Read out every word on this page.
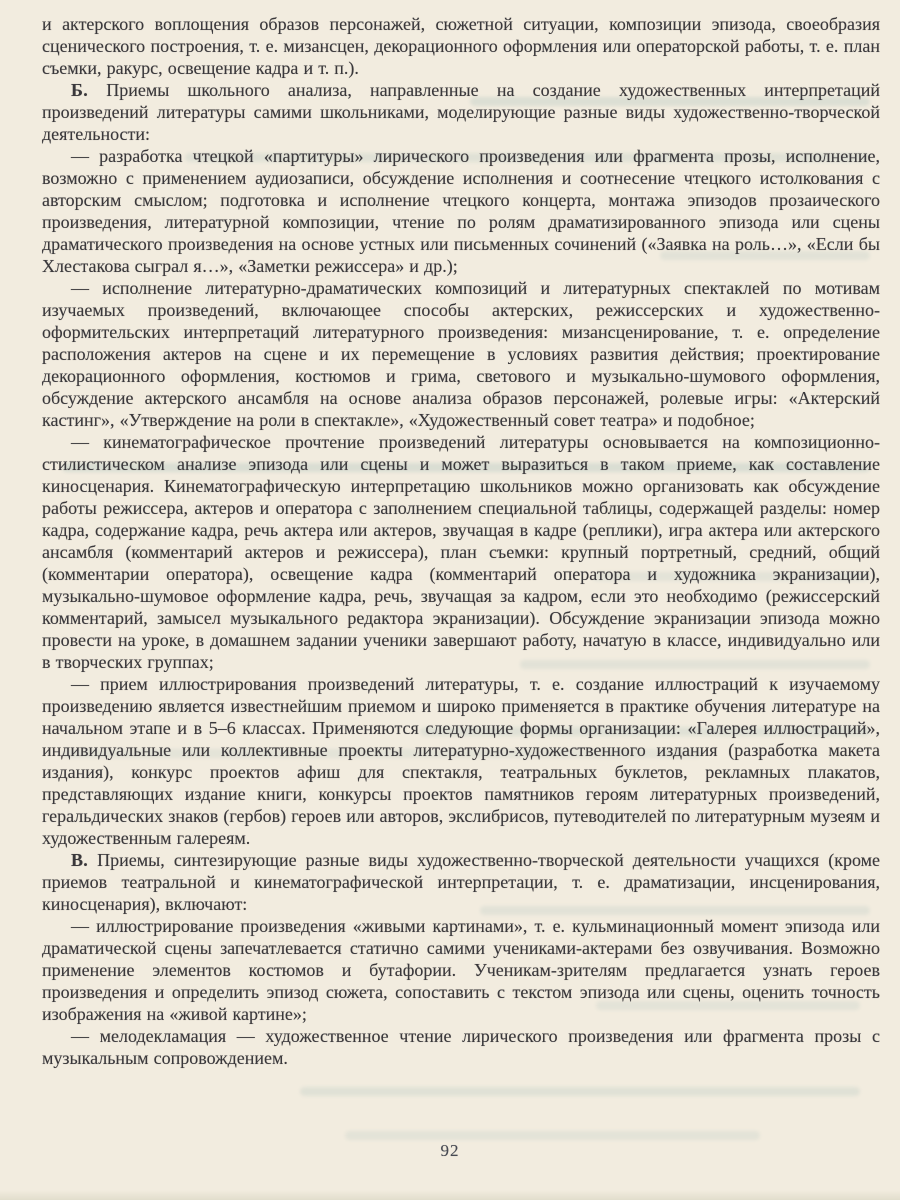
и актерского воплощения образов персонажей, сюжетной ситуации, композиции эпизода, своеобразия сценического построения, т. е. мизансцен, декорационного оформления или операторской работы, т. е. план съемки, ракурс, освещение кадра и т. п.).

Б. Приемы школьного анализа, направленные на создание художественных интерпретаций произведений литературы самими школьниками, моделирующие разные виды художественно-творческой деятельности:

— разработка чтецкой «партитуры» лирического произведения или фрагмента прозы, исполнение, возможно с применением аудиозаписи, обсуждение исполнения и соотнесение чтецкого истолкования с авторским смыслом; подготовка и исполнение чтецкого концерта, монтажа эпизодов прозаического произведения, литературной композиции, чтение по ролям драматизированного эпизода или сцены драматического произведения на основе устных или письменных сочинений («Заявка на роль…», «Если бы Хлестакова сыграл я…», «Заметки режиссера» и др.);

— исполнение литературно-драматических композиций и литературных спектаклей по мотивам изучаемых произведений, включающее способы актерских, режиссерских и художественно-оформительских интерпретаций литературного произведения: мизансценирование, т. е. определение расположения актеров на сцене и их перемещение в условиях развития действия; проектирование декорационного оформления, костюмов и грима, светового и музыкально-шумового оформления, обсуждение актерского ансамбля на основе анализа образов персонажей, ролевые игры: «Актерский кастинг», «Утверждение на роли в спектакле», «Художественный совет театра» и подобное;

— кинематографическое прочтение произведений литературы основывается на композиционно-стилистическом анализе эпизода или сцены и может выразиться в таком приеме, как составление киносценария. Кинематографическую интерпретацию школьников можно организовать как обсуждение работы режиссера, актеров и оператора с заполнением специальной таблицы, содержащей разделы: номер кадра, содержание кадра, речь актера или актеров, звучащая в кадре (реплики), игра актера или актерского ансамбля (комментарий актеров и режиссера), план съемки: крупный портретный, средний, общий (комментарии оператора), освещение кадра (комментарий оператора и художника экранизации), музыкально-шумовое оформление кадра, речь, звучащая за кадром, если это необходимо (режиссерский комментарий, замысел музыкального редактора экранизации). Обсуждение экранизации эпизода можно провести на уроке, в домашнем задании ученики завершают работу, начатую в классе, индивидуально или в творческих группах;

— прием иллюстрирования произведений литературы, т. е. создание иллюстраций к изучаемому произведению является известнейшим приемом и широко применяется в практике обучения литературе на начальном этапе и в 5–6 классах. Применяются следующие формы организации: «Галерея иллюстраций», индивидуальные или коллективные проекты литературно-художественного издания (разработка макета издания), конкурс проектов афиш для спектакля, театральных буклетов, рекламных плакатов, представляющих издание книги, конкурсы проектов памятников героям литературных произведений, геральдических знаков (гербов) героев или авторов, экслибрисов, путеводителей по литературным музеям и художественным галереям.

В. Приемы, синтезирующие разные виды художественно-творческой деятельности учащихся (кроме приемов театральной и кинематографической интерпретации, т. е. драматизации, инсценирования, киносценария), включают:

— иллюстрирование произведения «живыми картинами», т. е. кульминационный момент эпизода или драматической сцены запечатлевается статично самими учениками-актерами без озвучивания. Возможно применение элементов костюмов и бутафории. Ученикам-зрителям предлагается узнать героев произведения и определить эпизод сюжета, сопоставить с текстом эпизода или сцены, оценить точность изображения на «живой картине»;

— мелодекламация — художественное чтение лирического произведения или фрагмента прозы с музыкальным сопровождением.

92
